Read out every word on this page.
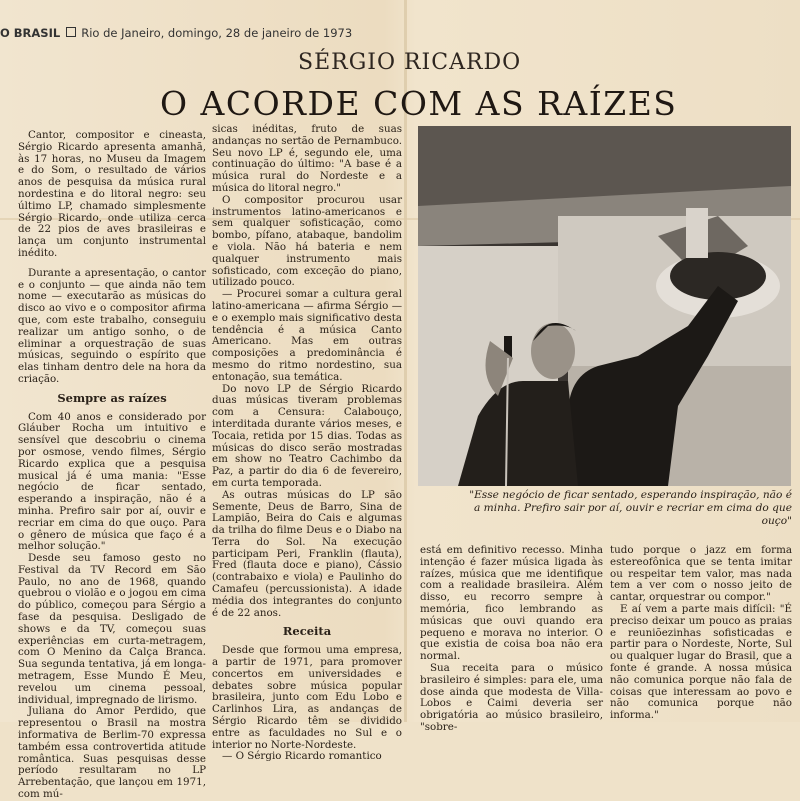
O BRASIL Rio de Janeiro, domingo, 28 de janeiro de 1973
SÉRGIO RICARDO
O ACORDE COM AS RAÍZES

Cantor, compositor e cineasta, Sérgio Ricardo apresenta amanhã, às 17 horas, no Museu da Imagem e do Som, o resultado de vários anos de pesquisa da música rural nordestina e do litoral negro: seu último LP, chamado simplesmente Sérgio Ricardo, onde utiliza cerca de 22 pios de aves brasileiras e lança um conjunto instrumental inédito.

Durante a apresentação, o cantor e o conjunto — que ainda não tem nome — executarão as músicas do disco ao vivo e o compositor afirma que, com este trabalho, conseguiu realizar um antigo sonho, o de eliminar a orquestração de suas músicas, seguindo o espírito que elas tinham dentro dele na hora da criação.

Sempre as raízes

Com 40 anos e considerado por Gláuber Rocha um intuitivo e sensível que descobriu o cinema por osmose, vendo filmes, Sérgio Ricardo explica que a pesquisa musical já é uma mania: "Esse negócio de ficar sentado, esperando a inspiração, não é a minha. Prefiro sair por aí, ouvir e recriar em cima do que ouço. Para o gênero de música que faço é a melhor solução."

Desde seu famoso gesto no Festival da TV Record em São Paulo, no ano de 1968, quando quebrou o violão e o jogou em cima do público, começou para Sérgio a fase da pesquisa. Desligado de shows e da TV, começou suas experiências em curta-metragem, com O Menino da Calça Branca. Sua segunda tentativa, já em longa-metragem, Esse Mundo É Meu, revelou um cinema pessoal, individual, impregnado de lirismo.

Juliana do Amor Perdido, que representou o Brasil na mostra informativa de Berlim-70 expressa também essa controvertida atitude romântica. Suas pesquisas desse período resultaram no LP Arrebentação, que lançou em 1971, com mú-

sicas inéditas, fruto de suas andanças no sertão de Pernambuco. Seu novo LP é, segundo ele, uma continuação do último: "A base é a música rural do Nordeste e a música do litoral negro."

O compositor procurou usar instrumentos latino-americanos e sem qualquer sofisticação, como bombo, pífano, atabaque, bandolim e viola. Não há bateria e nem qualquer instrumento mais sofisticado, com exceção do piano, utilizado pouco.

— Procurei somar a cultura geral latino-americana — afirma Sérgio — e o exemplo mais significativo desta tendência é a música Canto Americano. Mas em outras composições a predominância é mesmo do ritmo nordestino, sua entonação, sua temática.

Do novo LP de Sérgio Ricardo duas músicas tiveram problemas com a Censura: Calabouço, interditada durante vários meses, e Tocaia, retida por 15 dias. Todas as músicas do disco serão mostradas em show no Teatro Cachimbo da Paz, a partir do dia 6 de fevereiro, em curta temporada.

As outras músicas do LP são Semente, Deus de Barro, Sina de Lampião, Beira do Cais e algumas da trilha do filme Deus e o Diabo na Terra do Sol. Na execução participam Peri, Franklin (flauta), Fred (flauta doce e piano), Cássio (contrabaixo e viola) e Paulinho do Camafeu (percussionista). A idade média dos integrantes do conjunto é de 22 anos.

Receita

Desde que formou uma empresa, a partir de 1971, para promover concertos em universidades e debates sobre música popular brasileira, junto com Edu Lobo e Carlinhos Lira, as andanças de Sérgio Ricardo têm se dividido entre as faculdades no Sul e o interior no Norte-Nordeste.

— O Sérgio Ricardo romantico

"Esse negócio de ficar sentado, esperando inspiração, não é a minha. Prefiro sair por aí, ouvir e recriar em cima do que ouço"

está em definitivo recesso. Minha intenção é fazer música ligada às raízes, música que me identifique com a realidade brasileira. Além disso, eu recorro sempre à memória, fico lembrando as músicas que ouvi quando era pequeno e morava no interior. O que existia de coisa boa não era normal.

Sua receita para o músico brasileiro é simples: para ele, uma dose ainda que modesta de Villa-Lobos e Caimi deveria ser obrigatória ao músico brasileiro, "sobre-

tudo porque o jazz em forma estereofônica que se tenta imitar ou respeitar tem valor, mas nada tem a ver com o nosso jeito de cantar, orquestrar ou compor."

E aí vem a parte mais difícil: "É preciso deixar um pouco as praias e reuniõezinhas sofisticadas e partir para o Nordeste, Norte, Sul ou qualquer lugar do Brasil, que a fonte é grande. A nossa música não comunica porque não fala de coisas que interessam ao povo e não comunica porque não informa."
